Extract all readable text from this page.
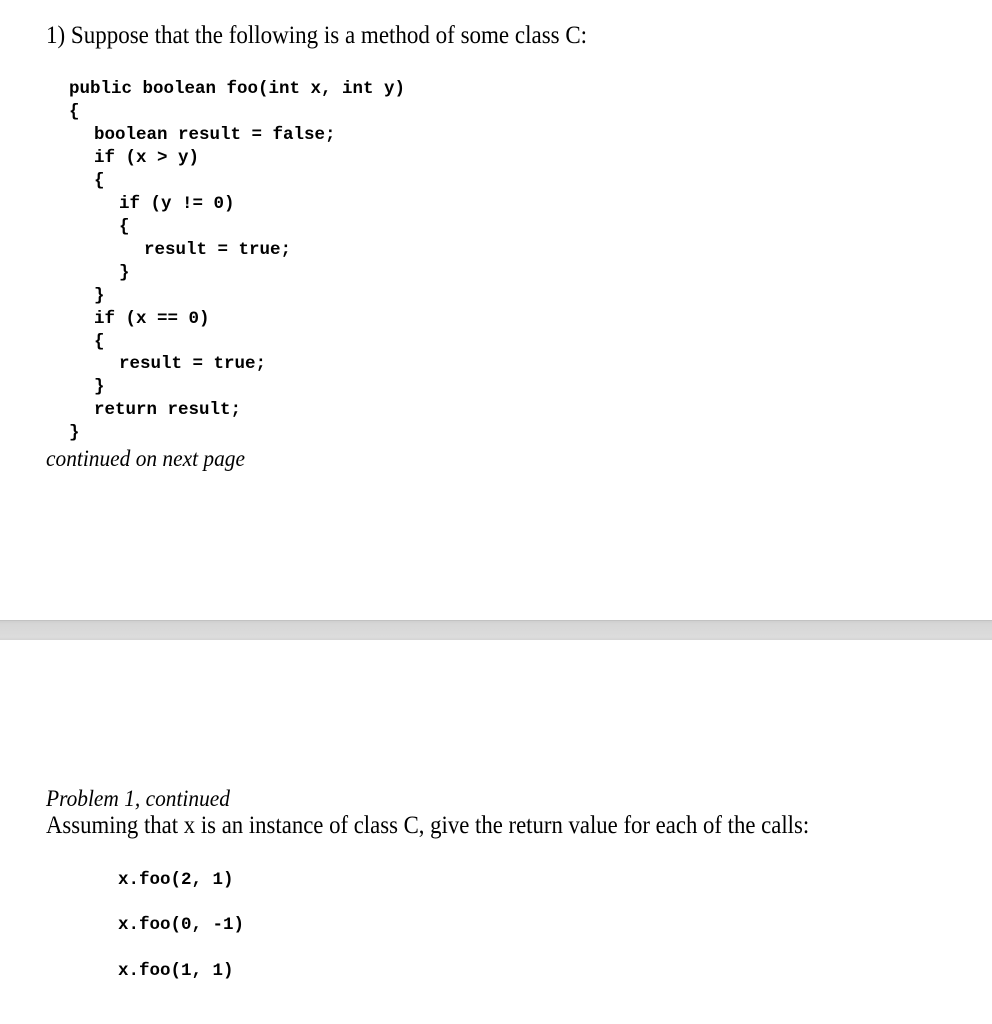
1) Suppose that the following is a method of some class C:
public boolean foo(int x, int y)
{
boolean result = false;
if (x > y)
{
if (y != 0)
{
result = true;
}
}
if (x == 0)
{
result = true;
}
return result;
}
continued on next page
Problem 1, continued
Assuming that x is an instance of class C, give the return value for each of the calls:
x.foo(2, 1)
x.foo(0, -1)
x.foo(1, 1)
